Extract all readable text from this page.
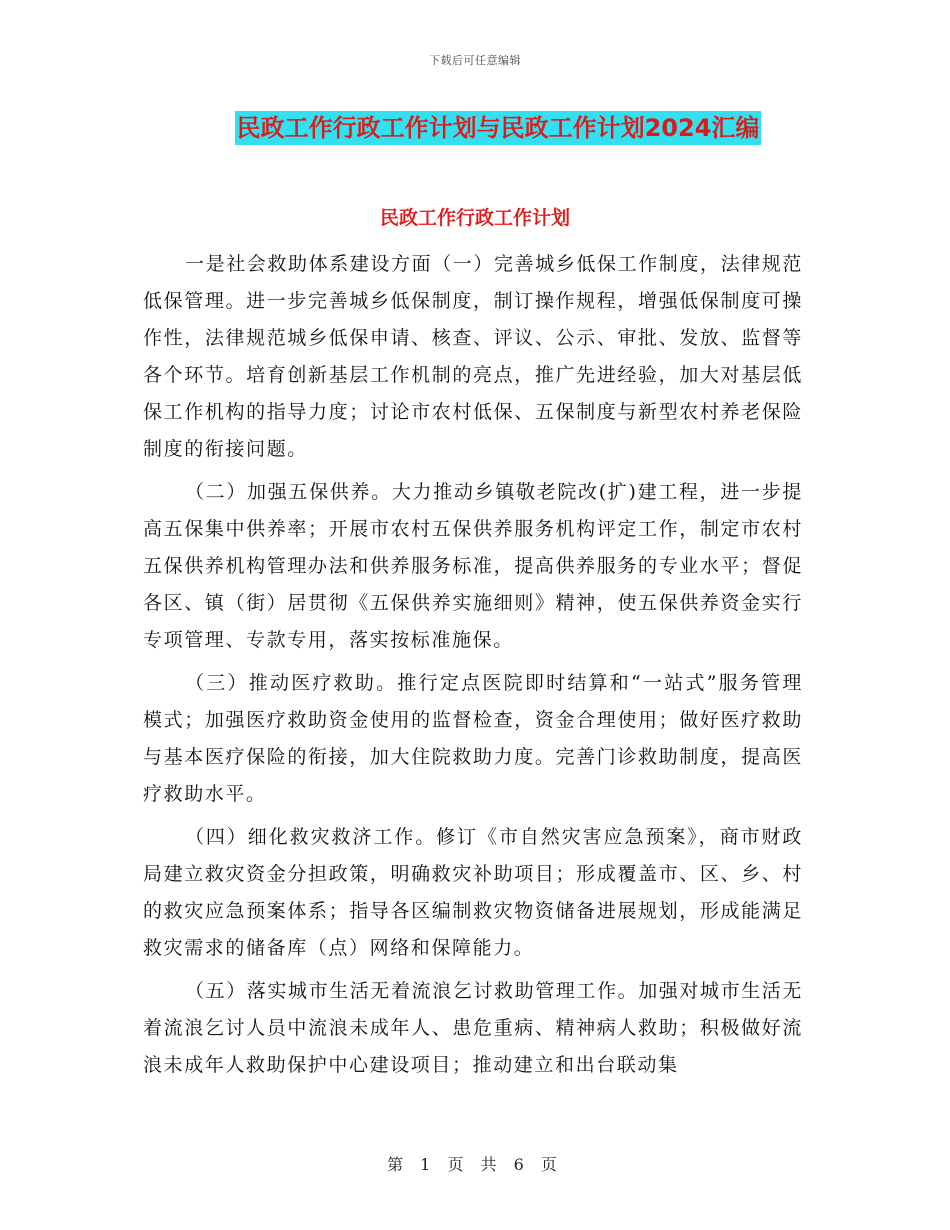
下载后可任意编辑
民政工作行政工作计划与民政工作计划2024汇编
民政工作行政工作计划

一是社会救助体系建设方面（一）完善城乡低保工作制度，法律规范低保管理。进一步完善城乡低保制度，制订操作规程，增强低保制度可操作性，法律规范城乡低保申请、核查、评议、公示、审批、发放、监督等各个环节。培育创新基层工作机制的亮点，推广先进经验，加大对基层低保工作机构的指导力度；讨论市农村低保、五保制度与新型农村养老保险制度的衔接问题。

（二）加强五保供养。大力推动乡镇敬老院改(扩)建工程，进一步提高五保集中供养率；开展市农村五保供养服务机构评定工作，制定市农村五保供养机构管理办法和供养服务标准，提高供养服务的专业水平；督促各区、镇（街）居贯彻《五保供养实施细则》精神，使五保供养资金实行专项管理、专款专用，落实按标准施保。

（三）推动医疗救助。推行定点医院即时结算和“一站式”服务管理模式；加强医疗救助资金使用的监督检查，资金合理使用；做好医疗救助与基本医疗保险的衔接，加大住院救助力度。完善门诊救助制度，提高医疗救助水平。

（四）细化救灾救济工作。修订《市自然灾害应急预案》，商市财政局建立救灾资金分担政策，明确救灾补助项目；形成覆盖市、区、乡、村的救灾应急预案体系；指导各区编制救灾物资储备进展规划，形成能满足救灾需求的储备库（点）网络和保障能力。

（五）落实城市生活无着流浪乞讨救助管理工作。加强对城市生活无着流浪乞讨人员中流浪未成年人、患危重病、精神病人救助；积极做好流浪未成年人救助保护中心建设项目；推动建立和出台联动集

第 1 页 共 6 页
